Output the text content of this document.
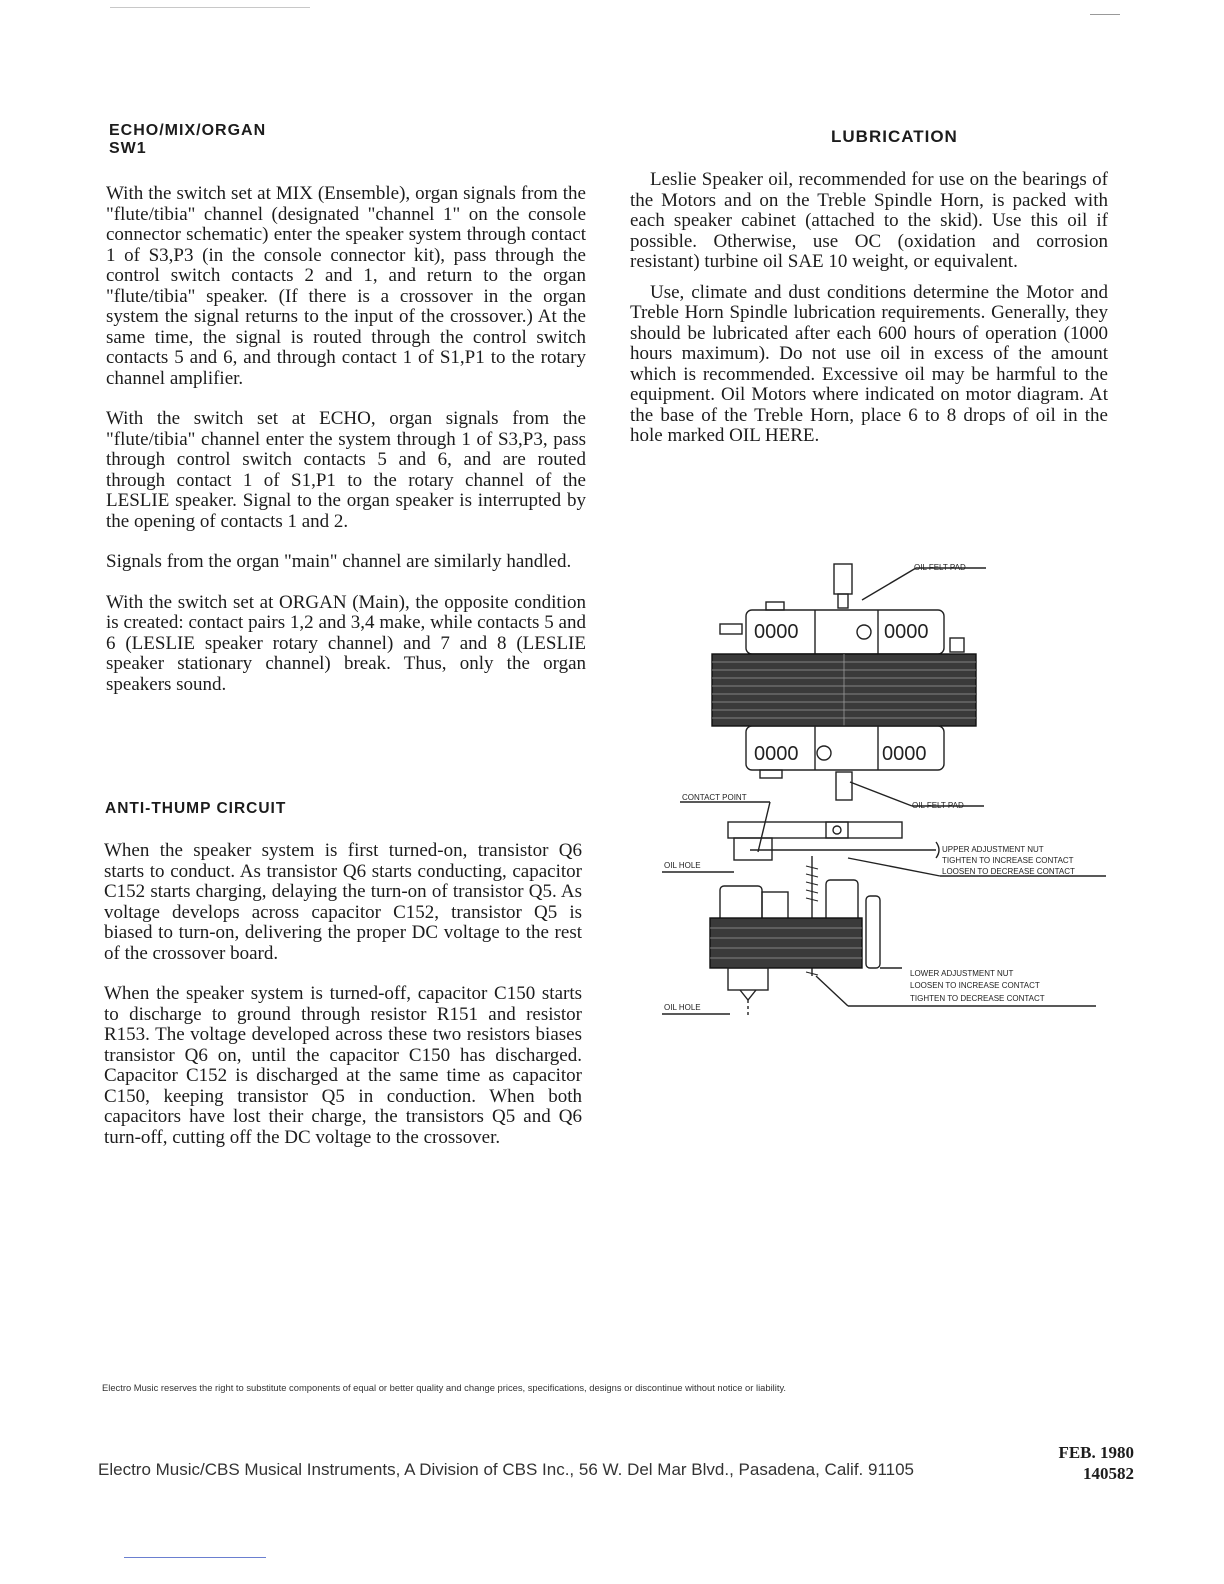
ECHO/MIX/ORGAN
SW1

With the switch set at MIX (Ensemble), organ signals from the "flute/tibia" channel (designated "channel 1" on the console connector schematic) enter the speaker system through contact 1 of S3,P3 (in the console connector kit), pass through the control switch contacts 2 and 1, and return to the organ "flute/tibia" speaker. (If there is a crossover in the organ system the signal returns to the input of the crossover.) At the same time, the signal is routed through the control switch contacts 5 and 6, and through contact 1 of S1,P1 to the rotary channel amplifier.

With the switch set at ECHO, organ signals from the "flute/tibia" channel enter the system through 1 of S3,P3, pass through control switch contacts 5 and 6, and are routed through contact 1 of S1,P1 to the rotary channel of the LESLIE speaker. Signal to the organ speaker is interrupted by the opening of contacts 1 and 2.

Signals from the organ "main" channel are similarly handled.

With the switch set at ORGAN (Main), the opposite condition is created: contact pairs 1,2 and 3,4 make, while contacts 5 and 6 (LESLIE speaker rotary channel) and 7 and 8 (LESLIE speaker stationary channel) break. Thus, only the organ speakers sound.

ANTI-THUMP CIRCUIT

When the speaker system is first turned-on, transistor Q6 starts to conduct. As transistor Q6 starts conducting, capacitor C152 starts charging, delaying the turn-on of transistor Q5. As voltage develops across capacitor C152, transistor Q5 is biased to turn-on, delivering the proper DC voltage to the rest of the crossover board.

When the speaker system is turned-off, capacitor C150 starts to discharge to ground through resistor R151 and resistor R153. The voltage developed across these two resistors biases transistor Q6 on, until the capacitor C150 has discharged. Capacitor C152 is discharged at the same time as capacitor C150, keeping transistor Q5 in conduction. When both capacitors have lost their charge, the transistors Q5 and Q6 turn-off, cutting off the DC voltage to the crossover.

LUBRICATION

Leslie Speaker oil, recommended for use on the bearings of the Motors and on the Treble Spindle Horn, is packed with each speaker cabinet (attached to the skid). Use this oil if possible. Otherwise, use OC (oxidation and corrosion resistant) turbine oil SAE 10 weight, or equivalent.

Use, climate and dust conditions determine the Motor and Treble Horn Spindle lubrication requirements. Generally, they should be lubricated after each 600 hours of operation (1000 hours maximum). Do not use oil in excess of the amount which is recommended. Excessive oil may be harmful to the equipment. Oil Motors where indicated on motor diagram. At the base of the Treble Horn, place 6 to 8 drops of oil in the hole marked OIL HERE.

OIL FELT PAD
0000	0000
0000	0000
OIL FELT PAD
CONTACT POINT
OIL HOLE
UPPER ADJUSTMENT NUT
TIGHTEN TO INCREASE CONTACT
LOOSEN TO DECREASE CONTACT
LOWER ADJUSTMENT NUT
LOOSEN TO INCREASE CONTACT
TIGHTEN TO DECREASE CONTACT
OIL HOLE
Electro Music reserves the right to substitute components of equal or better quality and change prices, specifications, designs or discontinue without notice or liability.
Electro Music/CBS Musical Instruments, A Division of CBS Inc., 56 W. Del Mar Blvd., Pasadena, Calif. 91105
FEB. 1980
140582
